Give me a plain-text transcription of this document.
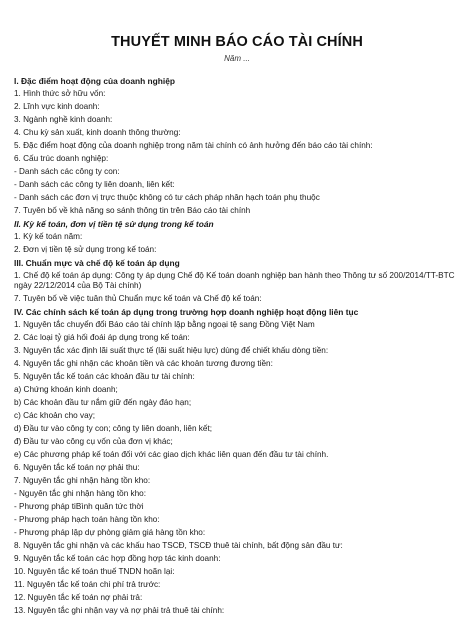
THUYẾT MINH BÁO CÁO TÀI CHÍNH
Năm ...
I. Đặc điểm hoạt động của doanh nghiệp
1. Hình thức sở hữu vốn:
2. Lĩnh vực kinh doanh:
3. Ngành nghề kinh doanh:
4. Chu kỳ sản xuất, kinh doanh thông thường:
5. Đặc điểm hoạt động của doanh nghiệp trong năm tài chính có ảnh hưởng đến báo cáo tài chính:
6. Cấu trúc doanh nghiệp:
- Danh sách các công ty con:
- Danh sách các công ty liên doanh, liên kết:
- Danh sách các đơn vị trực thuộc không có tư cách pháp nhân hạch toán phụ thuộc
7. Tuyên bố về khả năng so sánh thông tin trên Báo cáo tài chính
II. Kỳ kế toán, đơn vị tiền tệ sử dụng trong kế toán
1. Kỳ kế toán năm:
2. Đơn vị tiền tệ sử dụng trong kế toán:
III. Chuẩn mực và chế độ kế toán áp dụng
1. Chế độ kế toán áp dụng: Công ty áp dụng Chế độ Kế toán doanh nghiệp ban hành theo Thông tư số 200/2014/TT-BTC ngày 22/12/2014 của Bộ Tài chính)
7. Tuyên bố về việc tuân thủ Chuẩn mực kế toán và Chế độ kế toán:
IV. Các chính sách kế toán áp dụng trong trường hợp doanh nghiệp hoạt động liên tục
1. Nguyên tắc chuyển đổi Báo cáo tài chính lập bằng ngoại tệ sang Đồng Việt Nam
2. Các loại tỷ giá hối đoái áp dụng trong kế toán:
3. Nguyên tắc xác định lãi suất thực tế (lãi suất hiệu lực) dùng để chiết khấu dòng tiền:
4. Nguyên tắc ghi nhận các khoản tiền và các khoản tương đương tiền:
5. Nguyên tắc kế toán các khoản đầu tư tài chính:
a) Chứng khoán kinh doanh;
b) Các khoản đầu tư nắm giữ đến ngày đáo hạn;
c) Các khoản cho vay;
d) Đầu tư vào công ty con; công ty liên doanh, liên kết;
đ) Đầu tư vào công cụ vốn của đơn vị khác;
e) Các phương pháp kế toán đối với các giao dịch khác liên quan đến đầu tư tài chính.
6. Nguyên tắc kế toán nợ phải thu:
7. Nguyên tắc ghi nhận hàng tồn kho:
- Nguyên tắc ghi nhận hàng tồn kho:
- Phương pháp tiBình quân tức thời
- Phương pháp hạch toán hàng tồn kho:
- Phương pháp lập dự phòng giảm giá hàng tồn kho:
8. Nguyên tắc ghi nhận và các khấu hao TSCĐ, TSCĐ thuê tài chính, bất động sản đầu tư:
9. Nguyên tắc kế toán các hợp đồng hợp tác kinh doanh:
10. Nguyên tắc kế toán thuế TNDN hoãn lại:
11. Nguyên tắc kế toán chi phí trả trước:
12. Nguyên tắc kế toán nợ phải trả:
13. Nguyên tắc ghi nhận vay và nợ phải trả thuê tài chính:
